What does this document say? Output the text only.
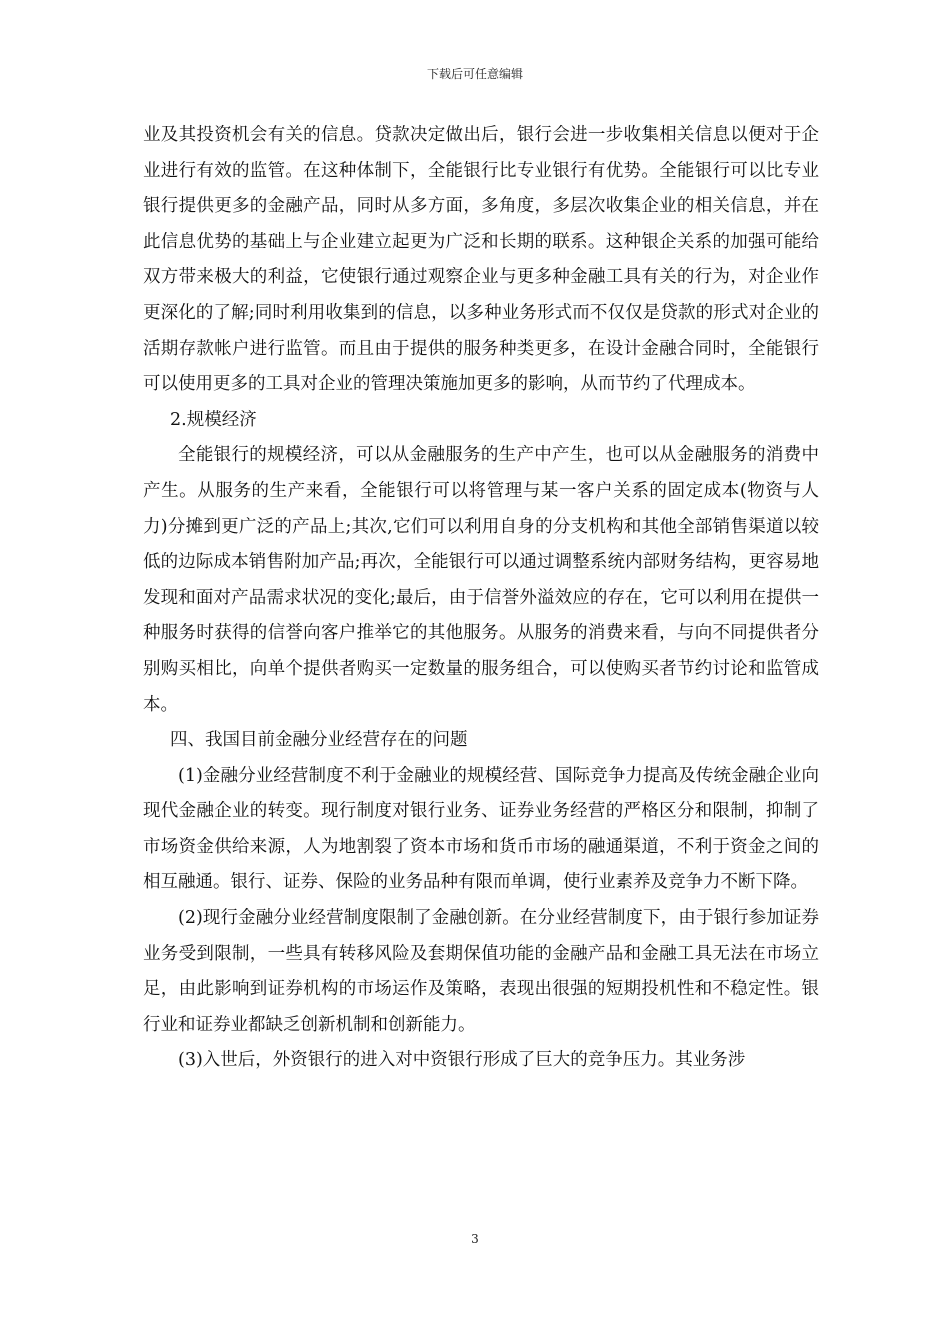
下载后可任意编辑

业及其投资机会有关的信息。贷款决定做出后，银行会进一步收集相关信息以便对于企业进行有效的监管。在这种体制下，全能银行比专业银行有优势。全能银行可以比专业银行提供更多的金融产品，同时从多方面，多角度，多层次收集企业的相关信息，并在此信息优势的基础上与企业建立起更为广泛和长期的联系。这种银企关系的加强可能给双方带来极大的利益，它使银行通过观察企业与更多种金融工具有关的行为，对企业作更深化的了解;同时利用收集到的信息，以多种业务形式而不仅仅是贷款的形式对企业的活期存款帐户进行监管。而且由于提供的服务种类更多，在设计金融合同时，全能银行可以使用更多的工具对企业的管理决策施加更多的影响，从而节约了代理成本。

2.规模经济

全能银行的规模经济，可以从金融服务的生产中产生，也可以从金融服务的消费中产生。从服务的生产来看，全能银行可以将管理与某一客户关系的固定成本(物资与人力)分摊到更广泛的产品上;其次,它们可以利用自身的分支机构和其他全部销售渠道以较低的边际成本销售附加产品;再次，全能银行可以通过调整系统内部财务结构，更容易地发现和面对产品需求状况的变化;最后，由于信誉外溢效应的存在，它可以利用在提供一种服务时获得的信誉向客户推举它的其他服务。从服务的消费来看，与向不同提供者分别购买相比，向单个提供者购买一定数量的服务组合，可以使购买者节约讨论和监管成本。

四、我国目前金融分业经营存在的问题

(1)金融分业经营制度不利于金融业的规模经营、国际竞争力提高及传统金融企业向现代金融企业的转变。现行制度对银行业务、证券业务经营的严格区分和限制，抑制了市场资金供给来源，人为地割裂了资本市场和货币市场的融通渠道，不利于资金之间的相互融通。银行、证券、保险的业务品种有限而单调，使行业素养及竞争力不断下降。

(2)现行金融分业经营制度限制了金融创新。在分业经营制度下，由于银行参加证券业务受到限制，一些具有转移风险及套期保值功能的金融产品和金融工具无法在市场立足，由此影响到证券机构的市场运作及策略，表现出很强的短期投机性和不稳定性。银行业和证券业都缺乏创新机制和创新能力。

(3)入世后，外资银行的进入对中资银行形成了巨大的竞争压力。其业务涉

3
